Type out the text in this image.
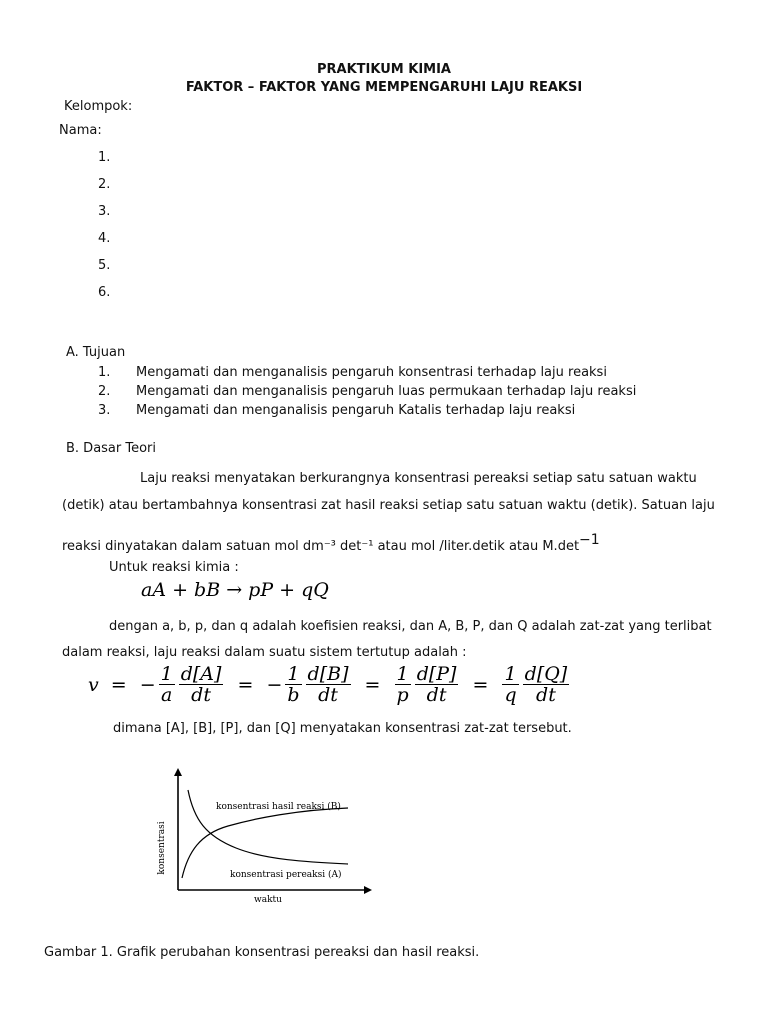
PRAKTIKUM KIMIA
FAKTOR – FAKTOR YANG MEMPENGARUHI LAJU REAKSI
Kelompok:
Nama:
1.
2.
3.
4.
5.
6.
A. Tujuan
1. Mengamati dan menganalisis pengaruh konsentrasi terhadap laju reaksi
2. Mengamati dan menganalisis pengaruh luas permukaan terhadap laju reaksi
3. Mengamati dan menganalisis pengaruh Katalis terhadap laju reaksi
B. Dasar Teori
Laju reaksi menyatakan berkurangnya konsentrasi pereaksi setiap satu satuan waktu
(detik) atau bertambahnya konsentrasi zat hasil reaksi setiap satu satuan waktu (detik). Satuan laju
reaksi dinyatakan dalam satuan mol dm⁻³ det⁻¹ atau mol /liter.detik atau M.det−1
Untuk reaksi kimia :
aA + bB → pP + qQ
dengan a, b, p, dan q adalah koefisien reaksi, dan A, B, P, dan Q adalah zat-zat yang terlibat
dalam reaksi, laju reaksi dalam suatu sistem tertutup adalah :
v = − $\frac{1}{a} \frac{d[A]}{dt}$ = − $\frac{1}{b} \frac{d[B]}{dt} = \frac{1}{p} \frac{d[P]}{dt} = \frac{1}{q} \frac{d[Q]}{dt}$
dimana [A], [B], [P], dan [Q] menyatakan konsentrasi zat-zat tersebut.
konsentrasi hasil reaksi (B)
konsentrasi pereaksi (A)
waktu
konsentrasi
Gambar 1. Grafik perubahan konsentrasi pereaksi dan hasil reaksi.
